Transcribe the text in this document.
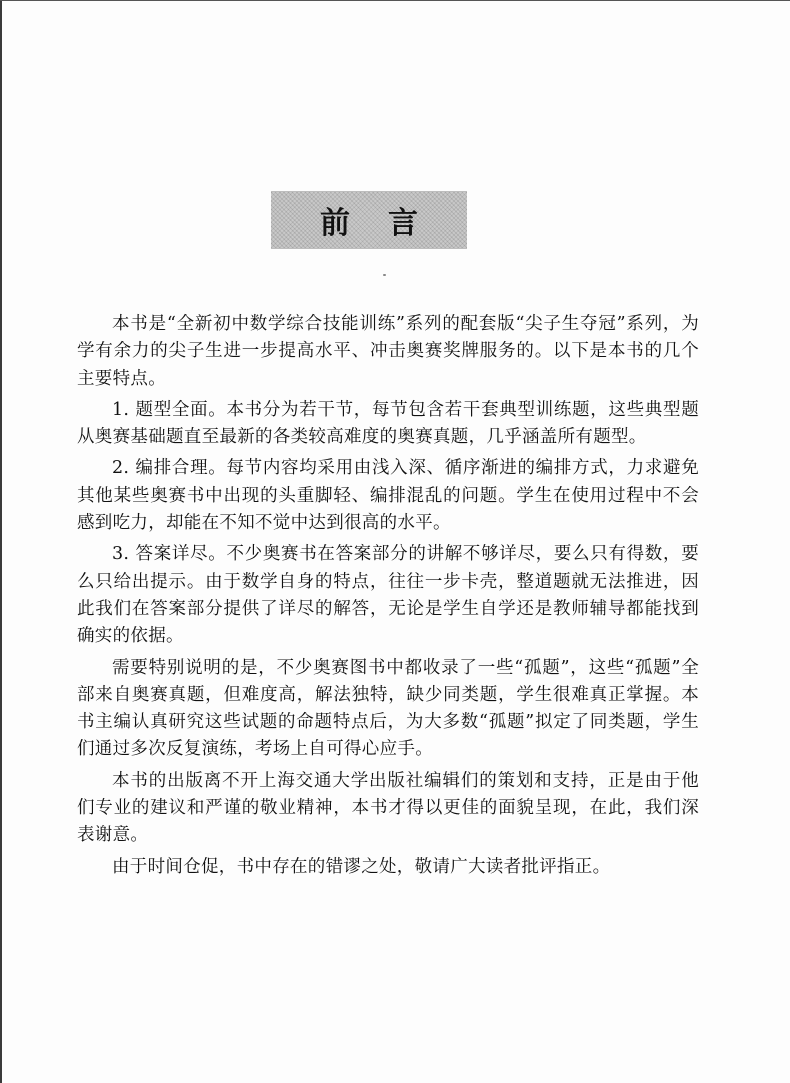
前言

本书是“全新初中数学综合技能训练”系列的配套版“尖子生夺冠”系列，为学有余力的尖子生进一步提高水平、冲击奥赛奖牌服务的。以下是本书的几个主要特点。

1. 题型全面。本书分为若干节，每节包含若干套典型训练题，这些典型题从奥赛基础题直至最新的各类较高难度的奥赛真题，几乎涵盖所有题型。

2. 编排合理。每节内容均采用由浅入深、循序渐进的编排方式，力求避免其他某些奥赛书中出现的头重脚轻、编排混乱的问题。学生在使用过程中不会感到吃力，却能在不知不觉中达到很高的水平。

3. 答案详尽。不少奥赛书在答案部分的讲解不够详尽，要么只有得数，要么只给出提示。由于数学自身的特点，往往一步卡壳，整道题就无法推进，因此我们在答案部分提供了详尽的解答，无论是学生自学还是教师辅导都能找到确实的依据。

需要特别说明的是，不少奥赛图书中都收录了一些“孤题”，这些“孤题”全部来自奥赛真题，但难度高，解法独特，缺少同类题，学生很难真正掌握。本书主编认真研究这些试题的命题特点后，为大多数“孤题”拟定了同类题，学生们通过多次反复演练，考场上自可得心应手。

本书的出版离不开上海交通大学出版社编辑们的策划和支持，正是由于他们专业的建议和严谨的敬业精神，本书才得以更佳的面貌呈现，在此，我们深表谢意。

由于时间仓促，书中存在的错谬之处，敬请广大读者批评指正。
